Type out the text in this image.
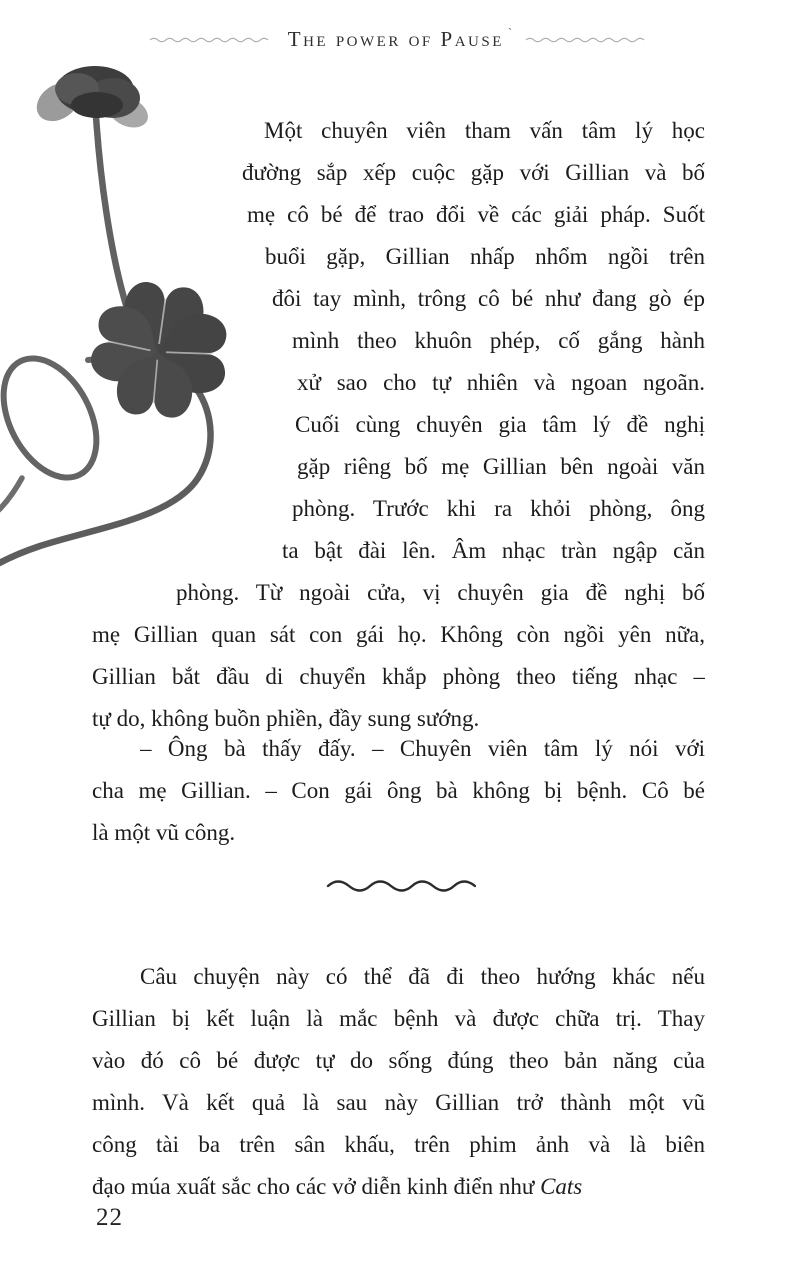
The power of Pause `
Một chuyên viên tham vấn tâm lý học
đường sắp xếp cuộc gặp với Gillian và bố
mẹ cô bé để trao đổi về các giải pháp. Suốt
buổi gặp, Gillian nhấp nhổm ngồi trên
đôi tay mình, trông cô bé như đang gò ép
mình theo khuôn phép, cố gắng hành
xử sao cho tự nhiên và ngoan ngoãn.
Cuối cùng chuyên gia tâm lý đề nghị
gặp riêng bố mẹ Gillian bên ngoài văn
phòng. Trước khi ra khỏi phòng, ông
ta bật đài lên. Âm nhạc tràn ngập căn
phòng. Từ ngoài cửa, vị chuyên gia đề nghị bố
mẹ Gillian quan sát con gái họ. Không còn ngồi yên nữa,
Gillian bắt đầu di chuyển khắp phòng theo tiếng nhạc –
tự do, không buồn phiền, đầy sung sướng.
– Ông bà thấy đấy. – Chuyên viên tâm lý nói với
cha mẹ Gillian. – Con gái ông bà không bị bệnh. Cô bé
là một vũ công.
Câu chuyện này có thể đã đi theo hướng khác nếu
Gillian bị kết luận là mắc bệnh và được chữa trị. Thay
vào đó cô bé được tự do sống đúng theo bản năng của
mình. Và kết quả là sau này Gillian trở thành một vũ
công tài ba trên sân khấu, trên phim ảnh và là biên
đạo múa xuất sắc cho các vở diễn kinh điển như Cats
22
